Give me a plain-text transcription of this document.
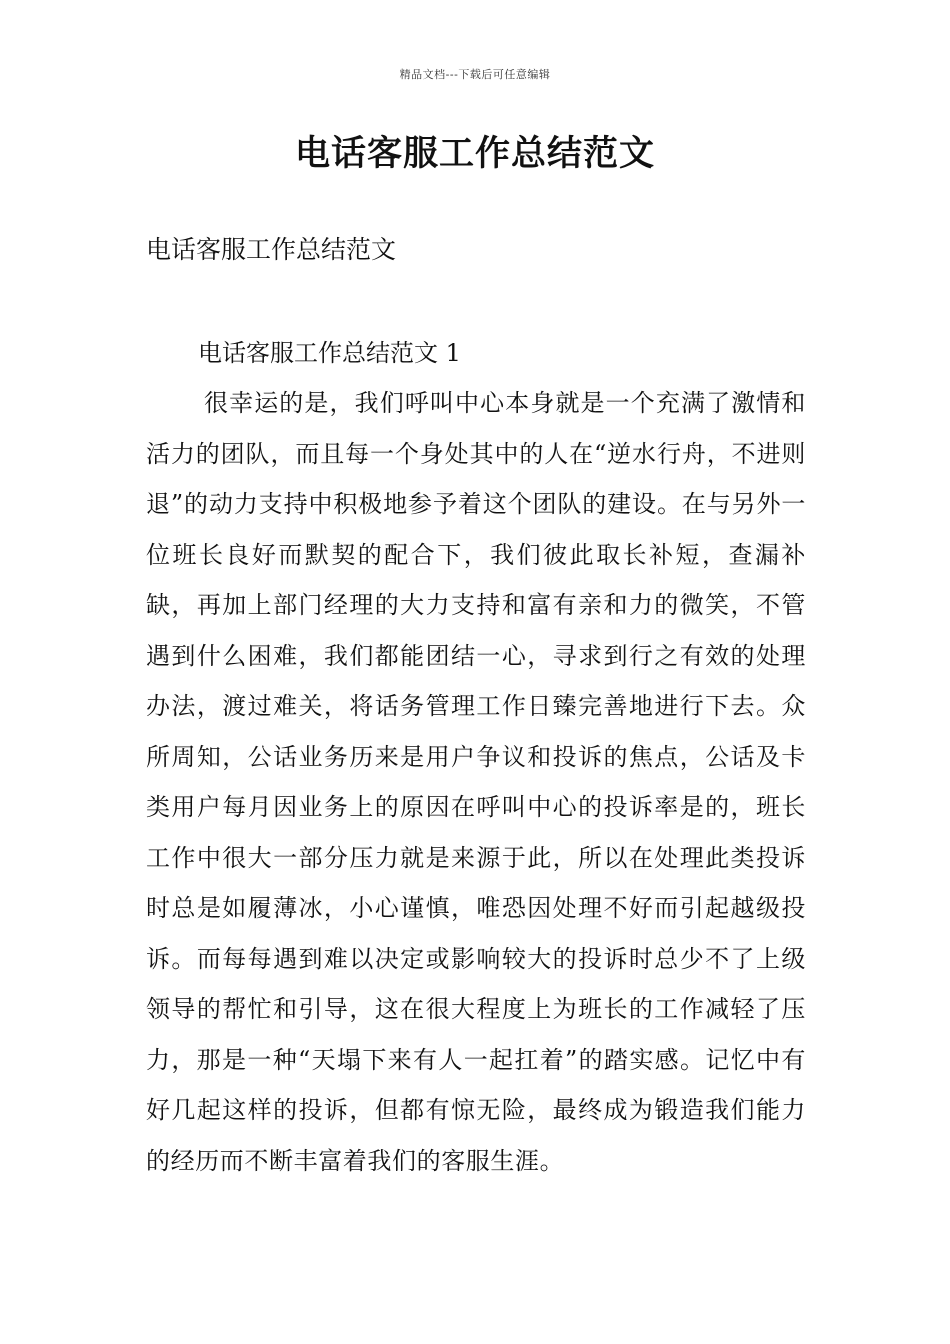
精品文档---下载后可任意编辑
电话客服工作总结范文

电话客服工作总结范文

电话客服工作总结范文 1

很幸运的是，我们呼叫中心本身就是一个充满了激情和活力的团队，而且每一个身处其中的人在“逆水行舟，不进则退”的动力支持中积极地参予着这个团队的建设。在与另外一位班长良好而默契的配合下，我们彼此取长补短，查漏补缺，再加上部门经理的大力支持和富有亲和力的微笑，不管遇到什么困难，我们都能团结一心，寻求到行之有效的处理办法，渡过难关，将话务管理工作日臻完善地进行下去。众所周知，公话业务历来是用户争议和投诉的焦点，公话及卡类用户每月因业务上的原因在呼叫中心的投诉率是的，班长工作中很大一部分压力就是来源于此，所以在处理此类投诉时总是如履薄冰，小心谨慎，唯恐因处理不好而引起越级投诉。而每每遇到难以决定或影响较大的投诉时总少不了上级领导的帮忙和引导，这在很大程度上为班长的工作减轻了压力，那是一种“天塌下来有人一起扛着”的踏实感。记忆中有好几起这样的投诉，但都有惊无险，最终成为锻造我们能力的经历而不断丰富着我们的客服生涯。
